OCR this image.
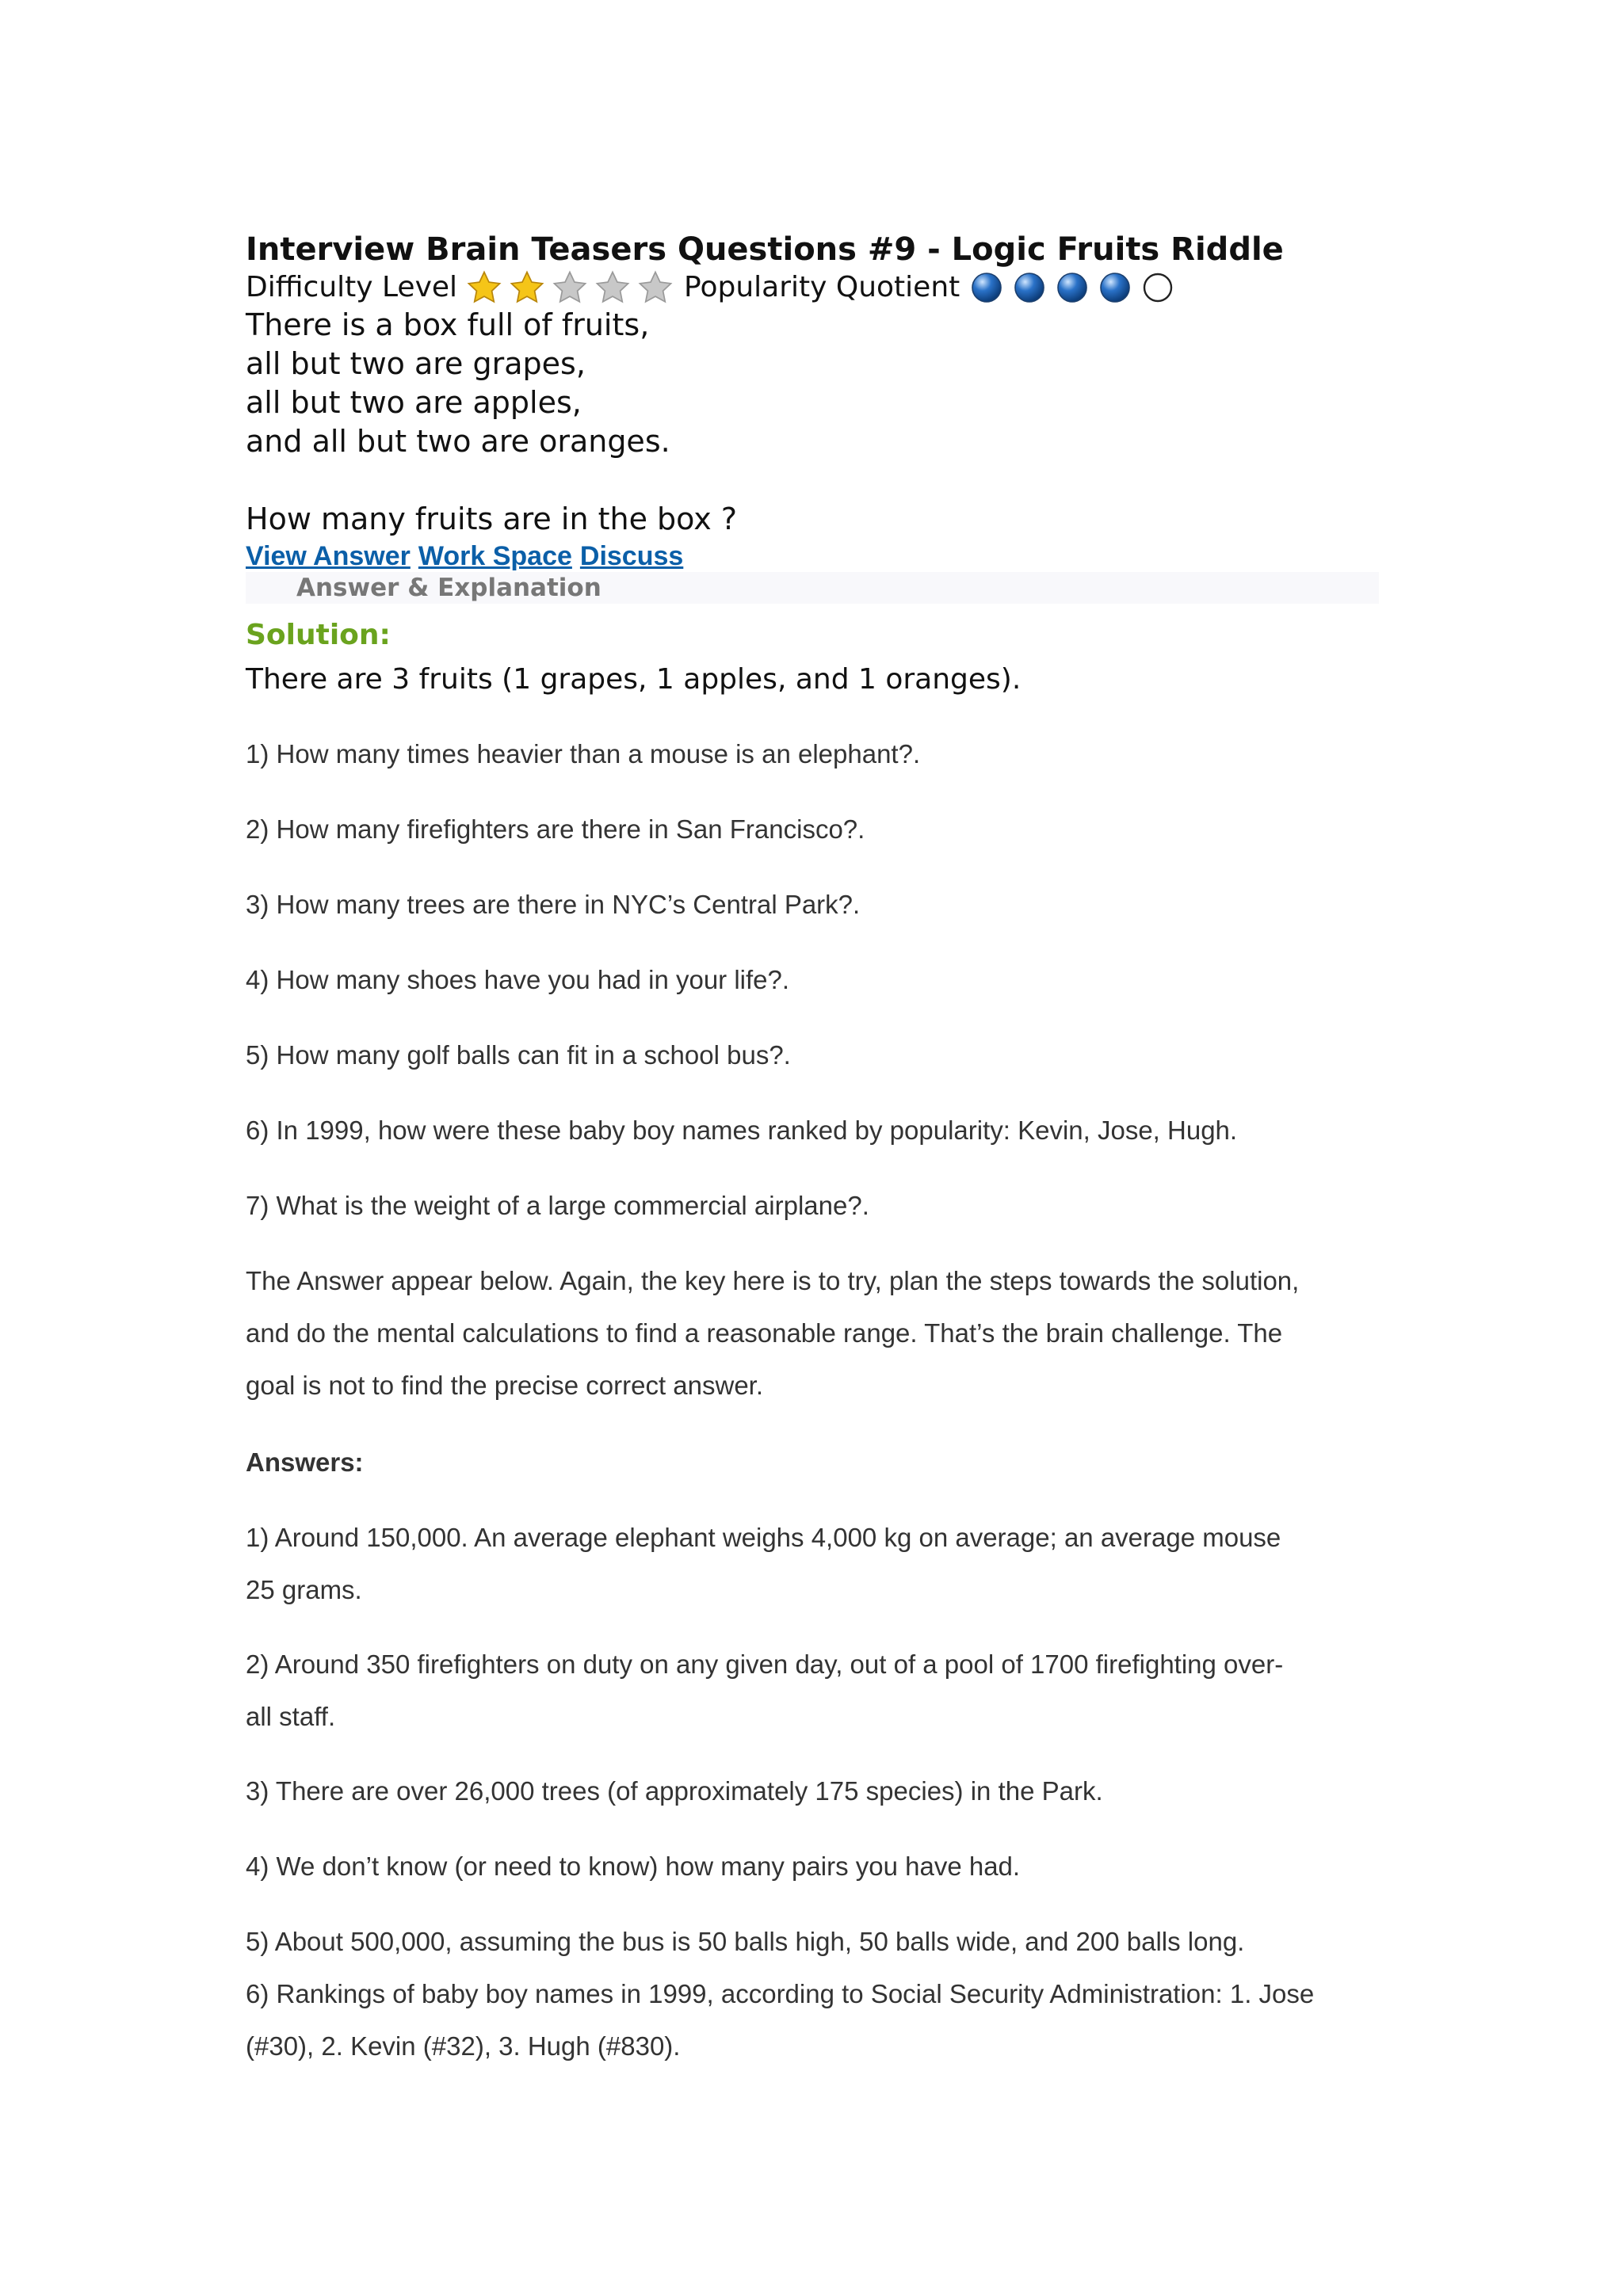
Interview Brain Teasers Questions #9 - Logic Fruits Riddle
Difficulty Level	Popularity Quotient
There is a box full of fruits,
all but two are grapes,
all but two are apples,
and all but two are oranges.
How many fruits are in the box ?
View Answer Work Space Discuss
Answer & Explanation
Solution:
There are 3 fruits (1 grapes, 1 apples, and 1 oranges).
1) How many times heavier than a mouse is an elephant?.
2) How many firefighters are there in San Francisco?.
3) How many trees are there in NYC’s Central Park?.
4) How many shoes have you had in your life?.
5) How many golf balls can fit in a school bus?.
6) In 1999, how were these baby boy names ranked by popularity: Kevin, Jose, Hugh.
7) What is the weight of a large commercial airplane?.
The Answer appear below. Again, the key here is to try, plan the steps towards the solution,
and do the mental calculations to find a reasonable range. That’s the brain challenge. The
goal is not to find the precise correct answer.
Answers:
1) Around 150,000. An average elephant weighs 4,000 kg on average; an average mouse
25 grams.
2) Around 350 firefighters on duty on any given day, out of a pool of 1700 firefighting over-
all staff.
3) There are over 26,000 trees (of approximately 175 species) in the Park.
4) We don’t know (or need to know) how many pairs you have had.
5) About 500,000, assuming the bus is 50 balls high, 50 balls wide, and 200 balls long.
6) Rankings of baby boy names in 1999, according to Social Security Administration: 1. Jose
(#30), 2. Kevin (#32), 3. Hugh (#830).
